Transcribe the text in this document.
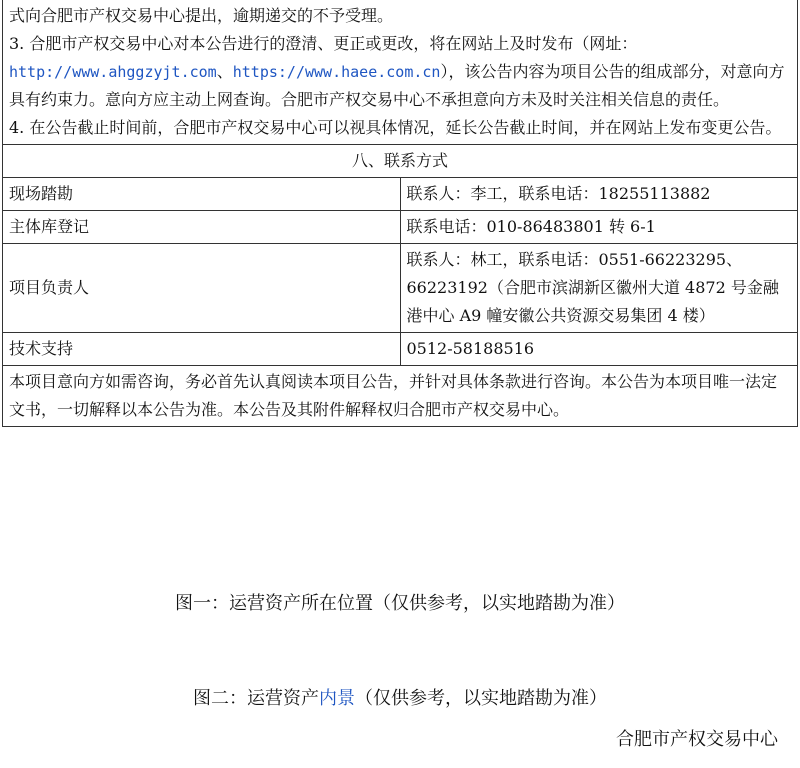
式向合肥市产权交易中心提出，逾期递交的不予受理。
3. 合肥市产权交易中心对本公告进行的澄清、更正或更改，将在网站上及时发布（网址：http://www.ahggzyjt.com、https://www.haee.com.cn），该公告内容为项目公告的组成部分，对意向方具有约束力。意向方应主动上网查询。合肥市产权交易中心不承担意向方未及时关注相关信息的责任。
4. 在公告截止时间前，合肥市产权交易中心可以视具体情况，延长公告截止时间，并在网站上发布变更公告。	

八、联系方式	
现场踏勘	联系人：李工，联系电话：18255113882
主体库登记	联系电话：010-86483801 转 6-1
项目负责人	联系人：林工，联系电话：0551-66223295、66223192（合肥市滨湖新区徽州大道 4872 号金融港中心 A9 幢安徽公共资源交易集团 4 楼）
技术支持	0512-58188516
本项目意向方如需咨询，务必首先认真阅读本项目公告，并针对具体条款进行咨询。本公告为本项目唯一法定文书，一切解释以本公告为准。本公告及其附件解释权归合肥市产权交易中心。	
图一：运营资产所在位置（仅供参考，以实地踏勘为准）
图二：运营资产内景（仅供参考，以实地踏勘为准）
合肥市产权交易中心
